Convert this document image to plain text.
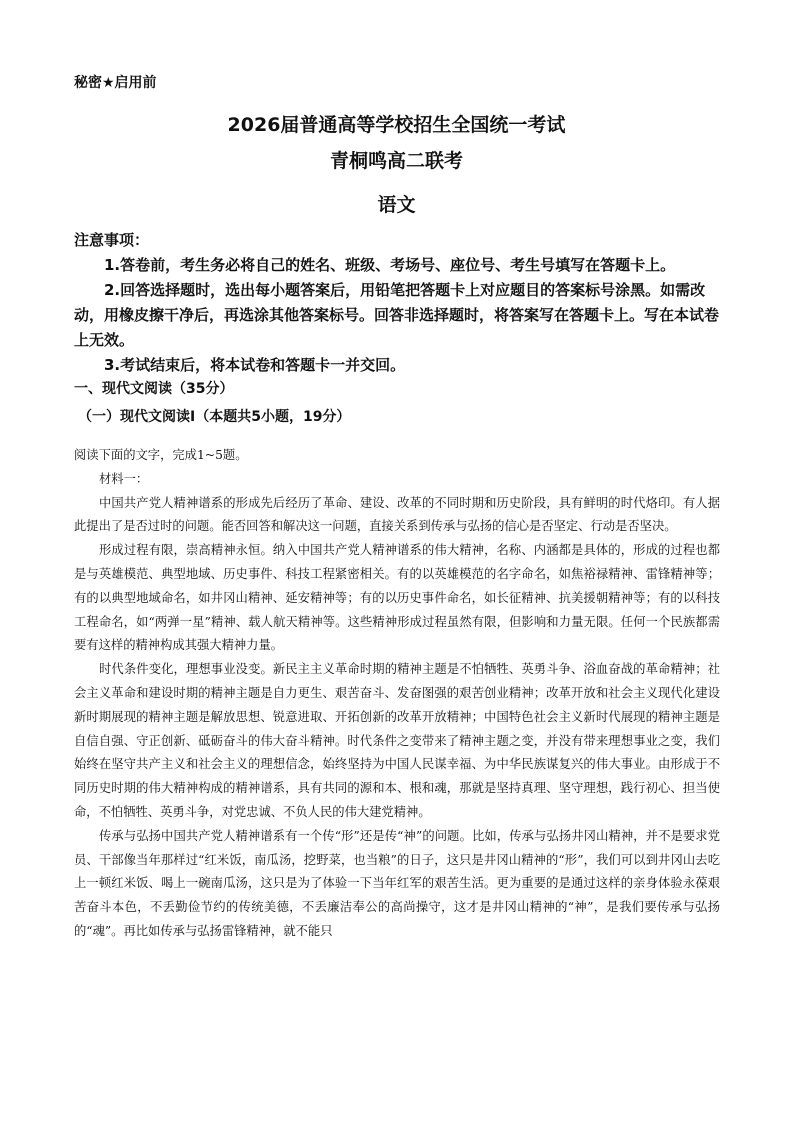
秘密★启用前
2026届普通高等学校招生全国统一考试
青桐鸣高二联考
语文

注意事项：

1.答卷前，考生务必将自己的姓名、班级、考场号、座位号、考生号填写在答题卡上。

2.回答选择题时，选出每小题答案后，用铅笔把答题卡上对应题目的答案标号涂黑。如需改动，用橡皮擦干净后，再选涂其他答案标号。回答非选择题时，将答案写在答题卡上。写在本试卷上无效。

3.考试结束后，将本试卷和答题卡一并交回。

一、现代文阅读（35分）
（一）现代文阅读Ⅰ（本题共5小题，19分）

阅读下面的文字，完成1~5题。

材料一：

中国共产党人精神谱系的形成先后经历了革命、建设、改革的不同时期和历史阶段，具有鲜明的时代烙印。有人据此提出了是否过时的问题。能否回答和解决这一问题，直接关系到传承与弘扬的信心是否坚定、行动是否坚决。

形成过程有限，崇高精神永恒。纳入中国共产党人精神谱系的伟大精神，名称、内涵都是具体的，形成的过程也都是与英雄模范、典型地域、历史事件、科技工程紧密相关。有的以英雄模范的名字命名，如焦裕禄精神、雷锋精神等；有的以典型地域命名，如井冈山精神、延安精神等；有的以历史事件命名，如长征精神、抗美援朝精神等；有的以科技工程命名，如“两弹一星”精神、载人航天精神等。这些精神形成过程虽然有限，但影响和力量无限。任何一个民族都需要有这样的精神构成其强大精神力量。

时代条件变化，理想事业没变。新民主主义革命时期的精神主题是不怕牺牲、英勇斗争、浴血奋战的革命精神；社会主义革命和建设时期的精神主题是自力更生、艰苦奋斗、发奋图强的艰苦创业精神；改革开放和社会主义现代化建设新时期展现的精神主题是解放思想、锐意进取、开拓创新的改革开放精神；中国特色社会主义新时代展现的精神主题是自信自强、守正创新、砥砺奋斗的伟大奋斗精神。时代条件之变带来了精神主题之变，并没有带来理想事业之变，我们始终在坚守共产主义和社会主义的理想信念，始终坚持为中国人民谋幸福、为中华民族谋复兴的伟大事业。由形成于不同历史时期的伟大精神构成的精神谱系，具有共同的源和本、根和魂，那就是坚持真理、坚守理想，践行初心、担当使命，不怕牺牲、英勇斗争，对党忠诚、不负人民的伟大建党精神。

传承与弘扬中国共产党人精神谱系有一个传“形”还是传“神”的问题。比如，传承与弘扬井冈山精神，并不是要求党员、干部像当年那样过“红米饭，南瓜汤，挖野菜，也当粮”的日子，这只是井冈山精神的“形”，我们可以到井冈山去吃上一顿红米饭、喝上一碗南瓜汤，这只是为了体验一下当年红军的艰苦生活。更为重要的是通过这样的亲身体验永葆艰苦奋斗本色，不丢勤俭节约的传统美德，不丢廉洁奉公的高尚操守，这才是井冈山精神的“神”，是我们要传承与弘扬的“魂”。再比如传承与弘扬雷锋精神，就不能只
